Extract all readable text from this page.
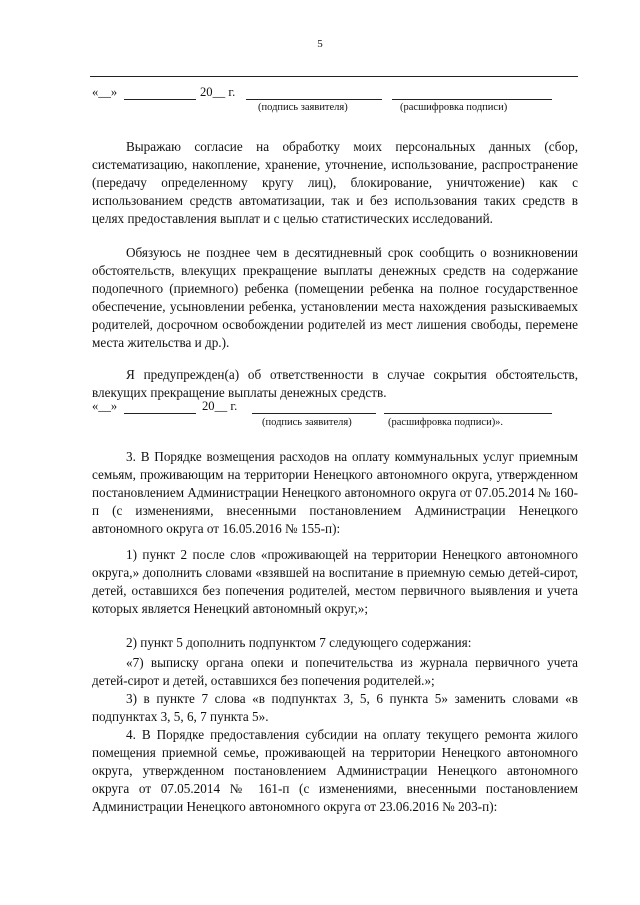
5
«__»	20__ г.
(подпись заявителя)	(расшифровка подписи)

Выражаю согласие на обработку моих персональных данных (сбор, систематизацию, накопление, хранение, уточнение, использование, распространение (передачу определенному кругу лиц), блокирование, уничтожение) как с использованием средств автоматизации, так и без использования таких средств в целях предоставления выплат и с целью статистических исследований.

Обязуюсь не позднее чем в десятидневный срок сообщить о возникновении обстоятельств, влекущих прекращение выплаты денежных средств на содержание подопечного (приемного) ребенка (помещении ребенка на полное государственное обеспечение, усыновлении ребенка, установлении места нахождения разыскиваемых родителей, досрочном освобождении родителей из мест лишения свободы, перемене места жительства и др.).

Я предупрежден(а) об ответственности в случае сокрытия обстоятельств, влекущих прекращение выплаты денежных средств.

«__»	20__ г.
(подпись заявителя)	(расшифровка подписи)».

3. В Порядке возмещения расходов на оплату коммунальных услуг приемным семьям, проживающим на территории Ненецкого автономного округа, утвержденном постановлением Администрации Ненецкого автономного округа от 07.05.2014 № 160-п (с изменениями, внесенными постановлением Администрации Ненецкого автономного округа от 16.05.2016 № 155-п):

1) пункт 2 после слов «проживающей на территории Ненецкого автономного округа,» дополнить словами «взявшей на воспитание в приемную семью детей-сирот, детей, оставшихся без попечения родителей, местом первичного выявления и учета которых является Ненецкий автономный округ,»;

2) пункт 5 дополнить подпунктом 7 следующего содержания:

«7) выписку органа опеки и попечительства из журнала первичного учета детей-сирот и детей, оставшихся без попечения родителей.»;

3) в пункте 7 слова «в подпунктах 3, 5, 6 пункта 5» заменить словами «в подпунктах 3, 5, 6, 7 пункта 5».

4. В Порядке предоставления субсидии на оплату текущего ремонта жилого помещения приемной семье, проживающей на территории Ненецкого автономного округа, утвержденном постановлением Администрации Ненецкого автономного округа от 07.05.2014 № 161-п (с изменениями, внесенными постановлением Администрации Ненецкого автономного округа от 23.06.2016 № 203-п):
